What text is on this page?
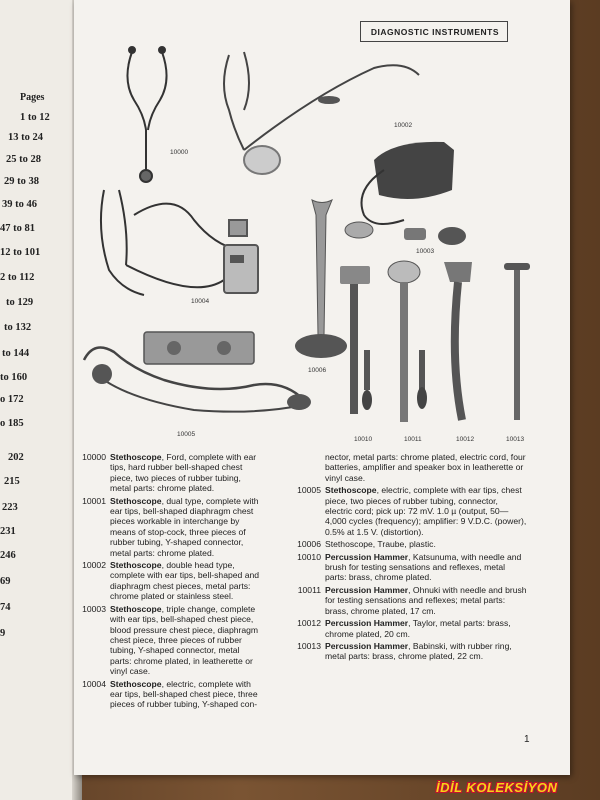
Pages
1 to 12
13 to 24
25 to 28
29 to 38
39 to 46
47 to 81
12 to 101
2 to 112
to 129
to 132
to 144
to 160
o 172
o 185
202
215
223
231
246
69
74
9
DIAGNOSTIC INSTRUMENTS
10000
10002
10003
10004
10005
10006
10010	10011	10012	10013
10000 Stethoscope, Ford, complete with ear tips, hard rubber bell-shaped chest piece, two pieces of rubber tubing, metal parts: chrome plated.
10001 Stethoscope, dual type, complete with ear tips, bell-shaped diaphragm chest pieces workable in interchange by means of stop-cock, three pieces of rubber tubing, Y-shaped connector, metal parts: chrome plated.
10002 Stethoscope, double head type, complete with ear tips, bell-shaped and diaphragm chest pieces, metal parts: chrome plated or stainless steel.
10003 Stethoscope, triple change, complete with ear tips, bell-shaped chest piece, blood pressure chest piece, diaphragm chest piece, three pieces of rubber tubing, Y-shaped connector, metal parts: chrome plated, in leatherette or vinyl case.
10004 Stethoscope, electric, complete with ear tips, bell-shaped chest piece, three pieces of rubber tubing, Y-shaped con-
nector, metal parts: chrome plated, electric cord, four batteries, amplifier and speaker box in leatherette or vinyl case.
10005 Stethoscope, electric, complete with ear tips, chest piece, two pieces of rubber tubing, connector, electric cord; pick up: 72 mV. 1.0 µ (output, 50—4,000 cycles (frequency); amplifier: 9 V.D.C. (power), 0.5% at 1.5 V. (distortion).
10006 Stethoscope, Traube, plastic.
10010 Percussion Hammer, Katsunuma, with needle and brush for testing sensations and reflexes, metal parts: brass, chrome plated.
10011 Percussion Hammer, Ohnuki with needle and brush for testing sensations and reflexes; metal parts: brass, chrome plated, 17 cm.
10012 Percussion Hammer, Taylor, metal parts: brass, chrome plated, 20 cm.
10013 Percussion Hammer, Babinski, with rubber ring, metal parts: brass, chrome plated, 22 cm.
1
İDİL KOLEKSİYON
